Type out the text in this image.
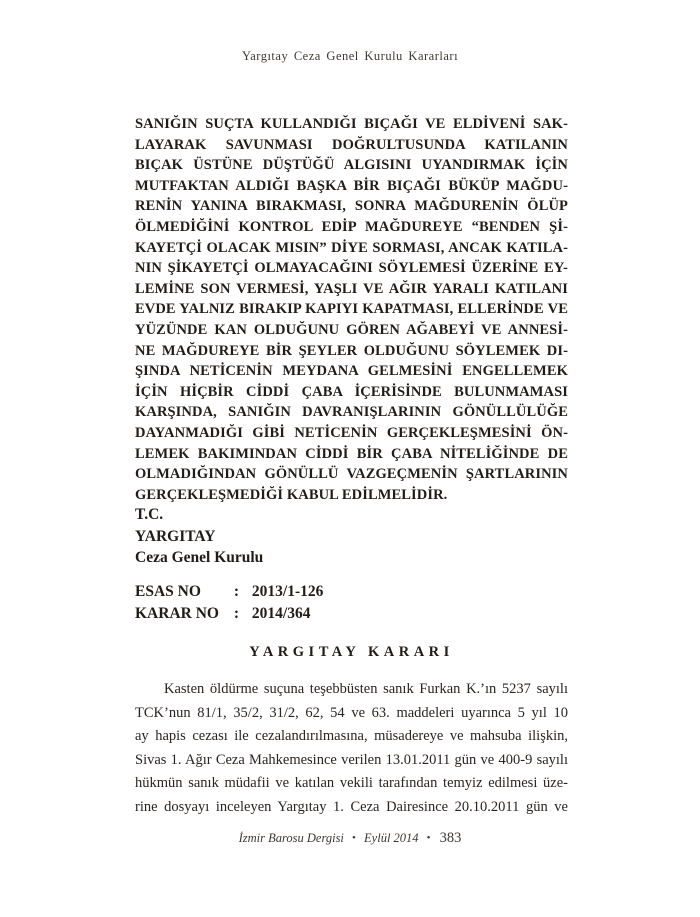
Yargıtay Ceza Genel Kurulu Kararları
SANIĞIN SUÇTA KULLANDIĞI BIÇAĞI VE ELDİVENİ SAK-
LAYARAK SAVUNMASI DOĞRULTUSUNDA KATILANIN
BIÇAK ÜSTÜNE DÜŞTÜĞÜ ALGISINI UYANDIRMAK İÇİN
MUTFAKTAN ALDIĞI BAŞKA BİR BIÇAĞI BÜKÜP MAĞDU-
RENİN YANINA BIRAKMASI, SONRA MAĞDURENİN ÖLÜP
ÖLMEDİĞİNİ KONTROL EDİP MAĞDUREYE “BENDEN Şİ-
KAYETÇİ OLACAK MISIN” DİYE SORMASI, ANCAK KATILA-
NIN ŞİKAYETÇİ OLMAYACAĞINI SÖYLEMESİ ÜZERİNE EY-
LEMİNE SON VERMESİ, YAŞLI VE AĞIR YARALI KATILANI
EVDE YALNIZ BIRAKIP KAPIYI KAPATMASI, ELLERİNDE VE
YÜZÜNDE KAN OLDUĞUNU GÖREN AĞABEYİ VE ANNESİ-
NE MAĞDUREYE BİR ŞEYLER OLDUĞUNU SÖYLEMEK DI-
ŞINDA NETİCENİN MEYDANA GELMESİNİ ENGELLEMEK
İÇİN HİÇBİR CİDDİ ÇABA İÇERİSİNDE BULUNMAMASI
KARŞINDA, SANIĞIN DAVRANIŞLARININ GÖNÜLLÜLÜĞE
DAYANMADIĞI GİBİ NETİCENİN GERÇEKLEŞMESİNİ ÖN-
LEMEK BAKIMINDAN CİDDİ BİR ÇABA NİTELİĞİNDE DE
OLMADIĞINDAN GÖNÜLLÜ VAZGEÇMENİN ŞARTLARININ
GERÇEKLEŞMEDİĞİ KABUL EDİLMELİDİR.
T.C.
YARGITAY
Ceza Genel Kurulu
ESAS NO : 2013/1-126
KARAR NO : 2014/364
YARGITAY KARARI
Kasten öldürme suçuna teşebbüsten sanık Furkan K.’ın 5237 sayılı
TCK’nun 81/1, 35/2, 31/2, 62, 54 ve 63. maddeleri uyarınca 5 yıl 10
ay hapis cezası ile cezalandırılmasına, müsadereye ve mahsuba ilişkin,
Sivas 1. Ağır Ceza Mahkemesince verilen 13.01.2011 gün ve 400-9 sayılı
hükmün sanık müdafii ve katılan vekili tarafından temyiz edilmesi üze-
rine dosyayı inceleyen Yargıtay 1. Ceza Dairesince 20.10.2011 gün ve
İzmir Barosu Dergisi • Eylül 2014 • 383
